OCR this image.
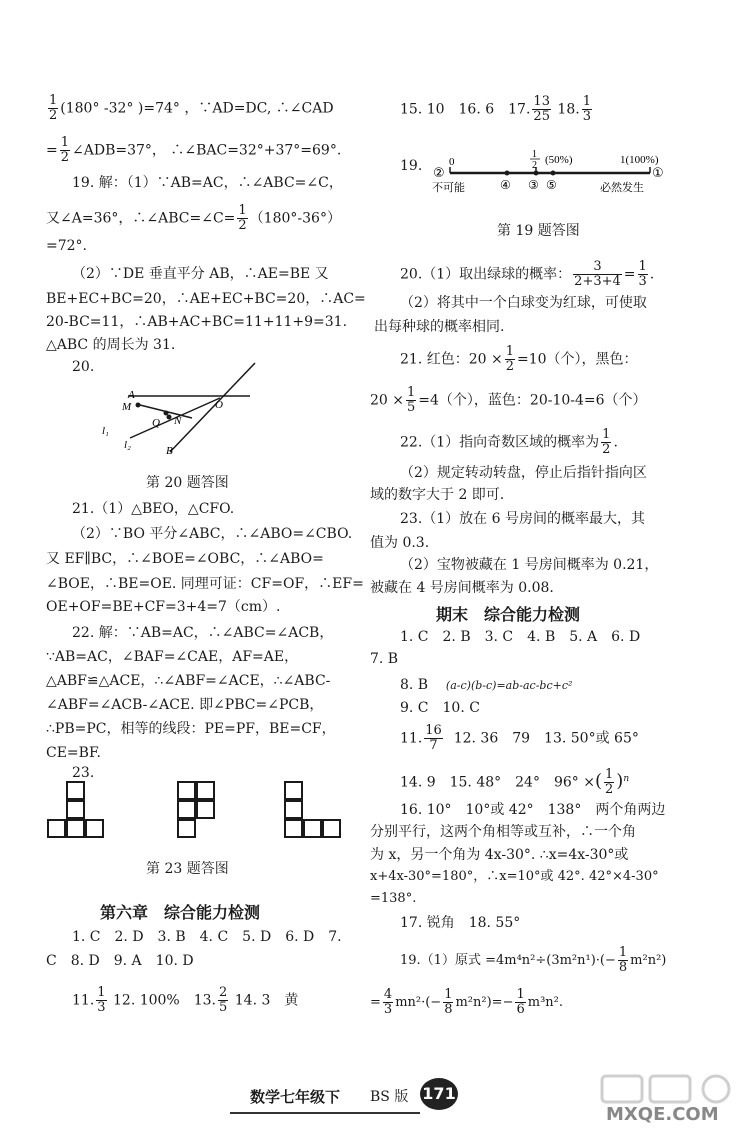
$\frac{1}{2} (180^\circ$ -32° )=74° ，∵AD=DC, ∴∠CAD
= $\frac{1}{2}$ ∠ADB=37°， ∴∠BAC=32°+37°=69°.
19. 解：（1）∵AB=AC，∴∠ABC=∠C，
又∠A=36°，∴∠ABC=∠C= $\frac{1}{2} (180^\circ-36^\circ)$
=72°.
（2）∵DE 垂直平分 AB，∴AE=BE 又
BE+EC+BC=20，∴AE+EC+BC=20，∴AC=
20-BC=11，∴AB+AC+BC=11+11+9=31.
△ABC 的周长为 31.
20.
A
M
Q N
O
B
l₁
l₂
第 20 题答图
21.（1）△BEO，△CFO.
（2）∵BO 平分∠ABC，∴∠ABO=∠CBO.
又 EF∥BC，∴∠BOE=∠OBC，∴∠ABO=
∠BOE，∴BE=OE. 同理可证：CF=OF，∴EF=
OE+OF=BE+CF=3+4=7（cm）.
22. 解：∵AB=AC，∴∠ABC=∠ACB，
∵AB=AC，∠BAF=∠CAE，AF=AE，
△ABF≌△ACE，∴∠ABF=∠ACE，∴∠ABC-
∠ABF=∠ACB-∠ACE. 即∠PBC=∠PCB，
∴PB=PC，相等的线段：PE=PF，BE=CF，
CE=BF.
23.
第 23 题答图
第六章　综合能力检测
1. C　2. D　3. B　4. C　5. D　6. D　7.
C　8. D　9. A　10. D
11. $\frac{1}{3} 12$. 100%　13. $\frac{2}{5} 14$. 3　黄
15. 10　16. 6　17. $\frac{13}{25} 18$. $\frac{1}{3}$
19. 0
1
2 (50%)	1(100%)
②	①
④ ③ ⑤
不可能	必然发生
第 19 题答图
20.（1）取出绿球的概率： $\frac{3}{2+3+4} = \frac{1}{3}$ .
（2）将其中一个白球变为红球，可使取
出每种球的概率相同.
21. 红色：$20 \times \frac{1}{2} =10$（个），黑色：
$20 \times \frac{1}{5} =4$（个），蓝色：20-10-4=6（个）
22.（1）指向奇数区域的概率为 $\frac{1}{2}$ .
（2）规定转动转盘，停止后指针指向区
域的数字大于 2 即可.
23.（1）放在 6 号房间的概率最大，其
值为 0.3.
（2）宝物被藏在 1 号房间概率为 0.21，
被藏在 4 号房间概率为 0.08.
期末　综合能力检测
1. C　2. B　3. C　4. B　5. A　6. D
7. B
8. B (a-c)(b-c)=ab-ac-bc+c²
9. C　10. C
11. $\frac{16}{7} 12$. 36　79　13. 50°或 65°
14. 9　15. 48°　24°　96° ×( $\frac{1}{2} )^n$
16. 10°　10°或 42°　138°　两个角两边
分别平行，这两个角相等或互补，∴一个角
为 x，另一个角为 4x-30°. ∴x=4x-30°或
x+4x-30°=180°，∴x=10°或 42°. 42°×4-30°
=138°.
17. 锐角　18. 55°
19.（1）原式 $=4m^4n^2\div(3m^2n^1)\cdot(- \frac{1}{8} m^2n^2)$
= $\frac{4}{3} mn^2\cdot(- \frac{1}{8} m^2n^2)=- \frac{1}{6} m^3n^2$.
数学七年级下 BS 版 171
MXQE.COM
